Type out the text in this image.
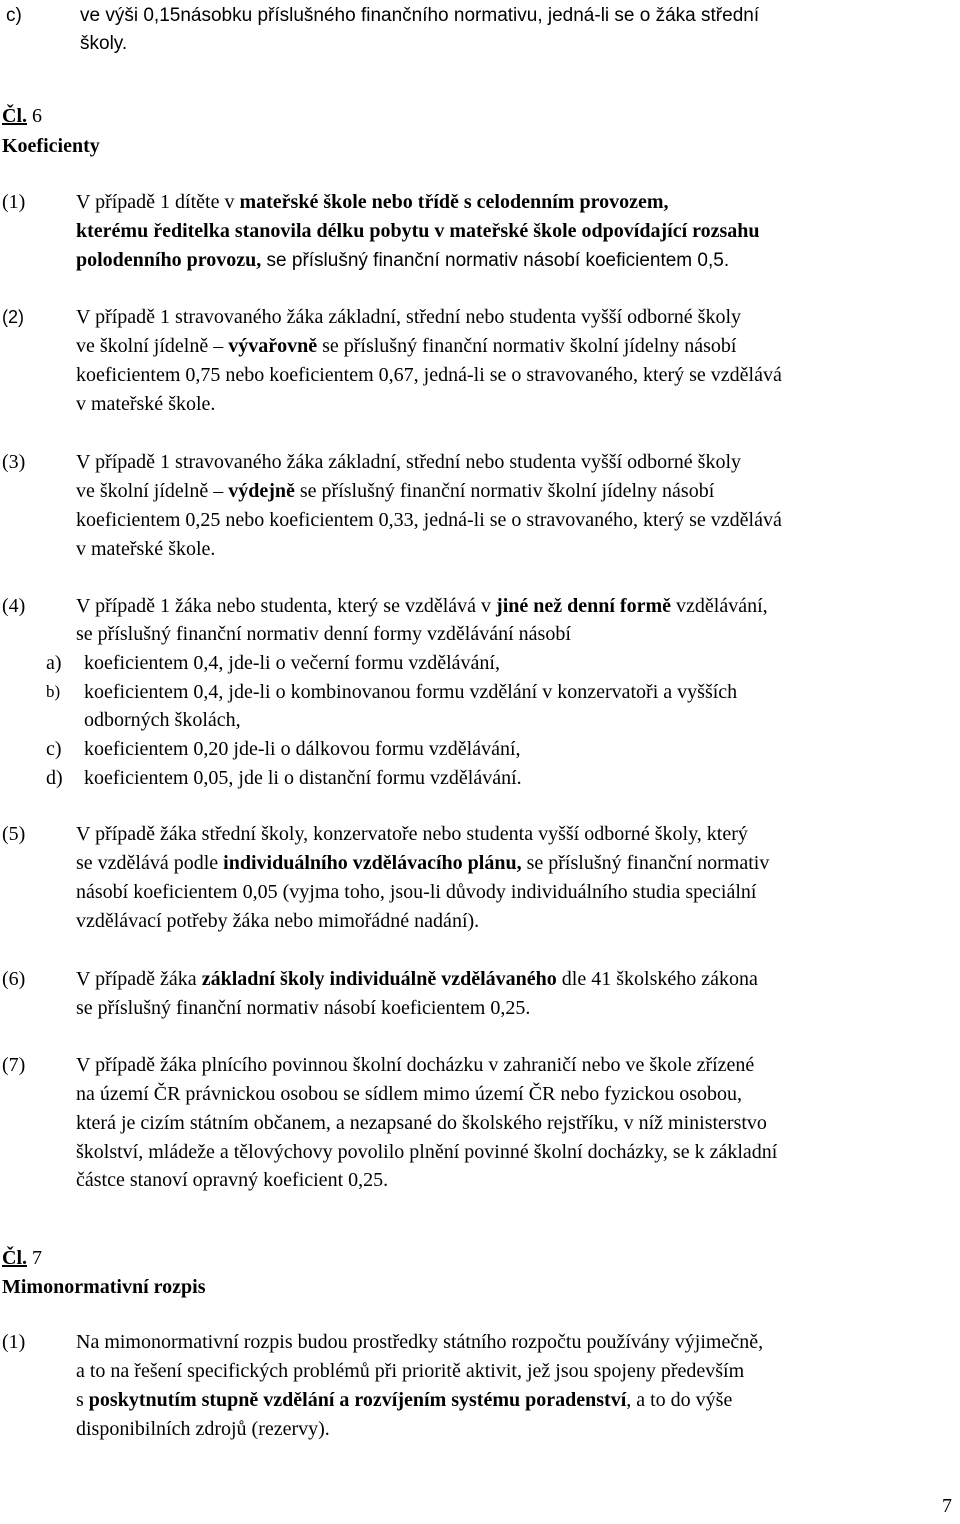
c)	ve výši 0,15násobku příslušného finančního normativu, jedná-li se o žáka střední
školy.
Čl. 6
Koeficienty
(1)	V případě 1 dítěte v mateřské škole nebo třídě s celodenním provozem,
kterému ředitelka stanovila délku pobytu v mateřské škole odpovídající rozsahu
polodenního provozu, se příslušný finanční normativ násobí koeficientem 0,5.
(2)	V případě 1 stravovaného žáka základní, střední nebo studenta vyšší odborné školy
ve školní jídelně – vývařovně se příslušný finanční normativ školní jídelny násobí
koeficientem 0,75 nebo koeficientem 0,67, jedná-li se o stravovaného, který se vzdělává
v mateřské škole.
(3)	V případě 1 stravovaného žáka základní, střední nebo studenta vyšší odborné školy
ve školní jídelně – výdejně se příslušný finanční normativ školní jídelny násobí
koeficientem 0,25 nebo koeficientem 0,33, jedná-li se o stravovaného, který se vzdělává
v mateřské škole.
(4)	V případě 1 žáka nebo studenta, který se vzdělává v jiné než denní formě vzdělávání,
se příslušný finanční normativ denní formy vzdělávání násobí
a) koeficientem 0,4, jde-li o večerní formu vzdělávání,
b) koeficientem 0,4, jde-li o kombinovanou formu vzdělání v konzervatoři a vyšších
odborných školách,
c) koeficientem 0,20 jde-li o dálkovou formu vzdělávání,
d) koeficientem 0,05, jde li o distanční formu vzdělávání.
(5)	V případě žáka střední školy, konzervatoře nebo studenta vyšší odborné školy, který
se vzdělává podle individuálního vzdělávacího plánu, se příslušný finanční normativ
násobí koeficientem 0,05 (vyjma toho, jsou-li důvody individuálního studia speciální
vzdělávací potřeby žáka nebo mimořádné nadání).
(6)	V případě žáka základní školy individuálně vzdělávaného dle 41 školského zákona
se příslušný finanční normativ násobí koeficientem 0,25.
(7)	V případě žáka plnícího povinnou školní docházku v zahraničí nebo ve škole zřízené
na území ČR právnickou osobou se sídlem mimo území ČR nebo fyzickou osobou,
která je cizím státním občanem, a nezapsané do školského rejstříku, v níž ministerstvo
školství, mládeže a tělovýchovy povolilo plnění povinné školní docházky, se k základní
částce stanoví opravný koeficient 0,25.
Čl. 7
Mimonormativní rozpis
(1)	Na mimonormativní rozpis budou prostředky státního rozpočtu používány výjimečně,
a to na řešení specifických problémů při prioritě aktivit, jež jsou spojeny především
s poskytnutím stupně vzdělání a rozvíjením systému poradenství, a to do výše
disponibilních zdrojů (rezervy).
7
